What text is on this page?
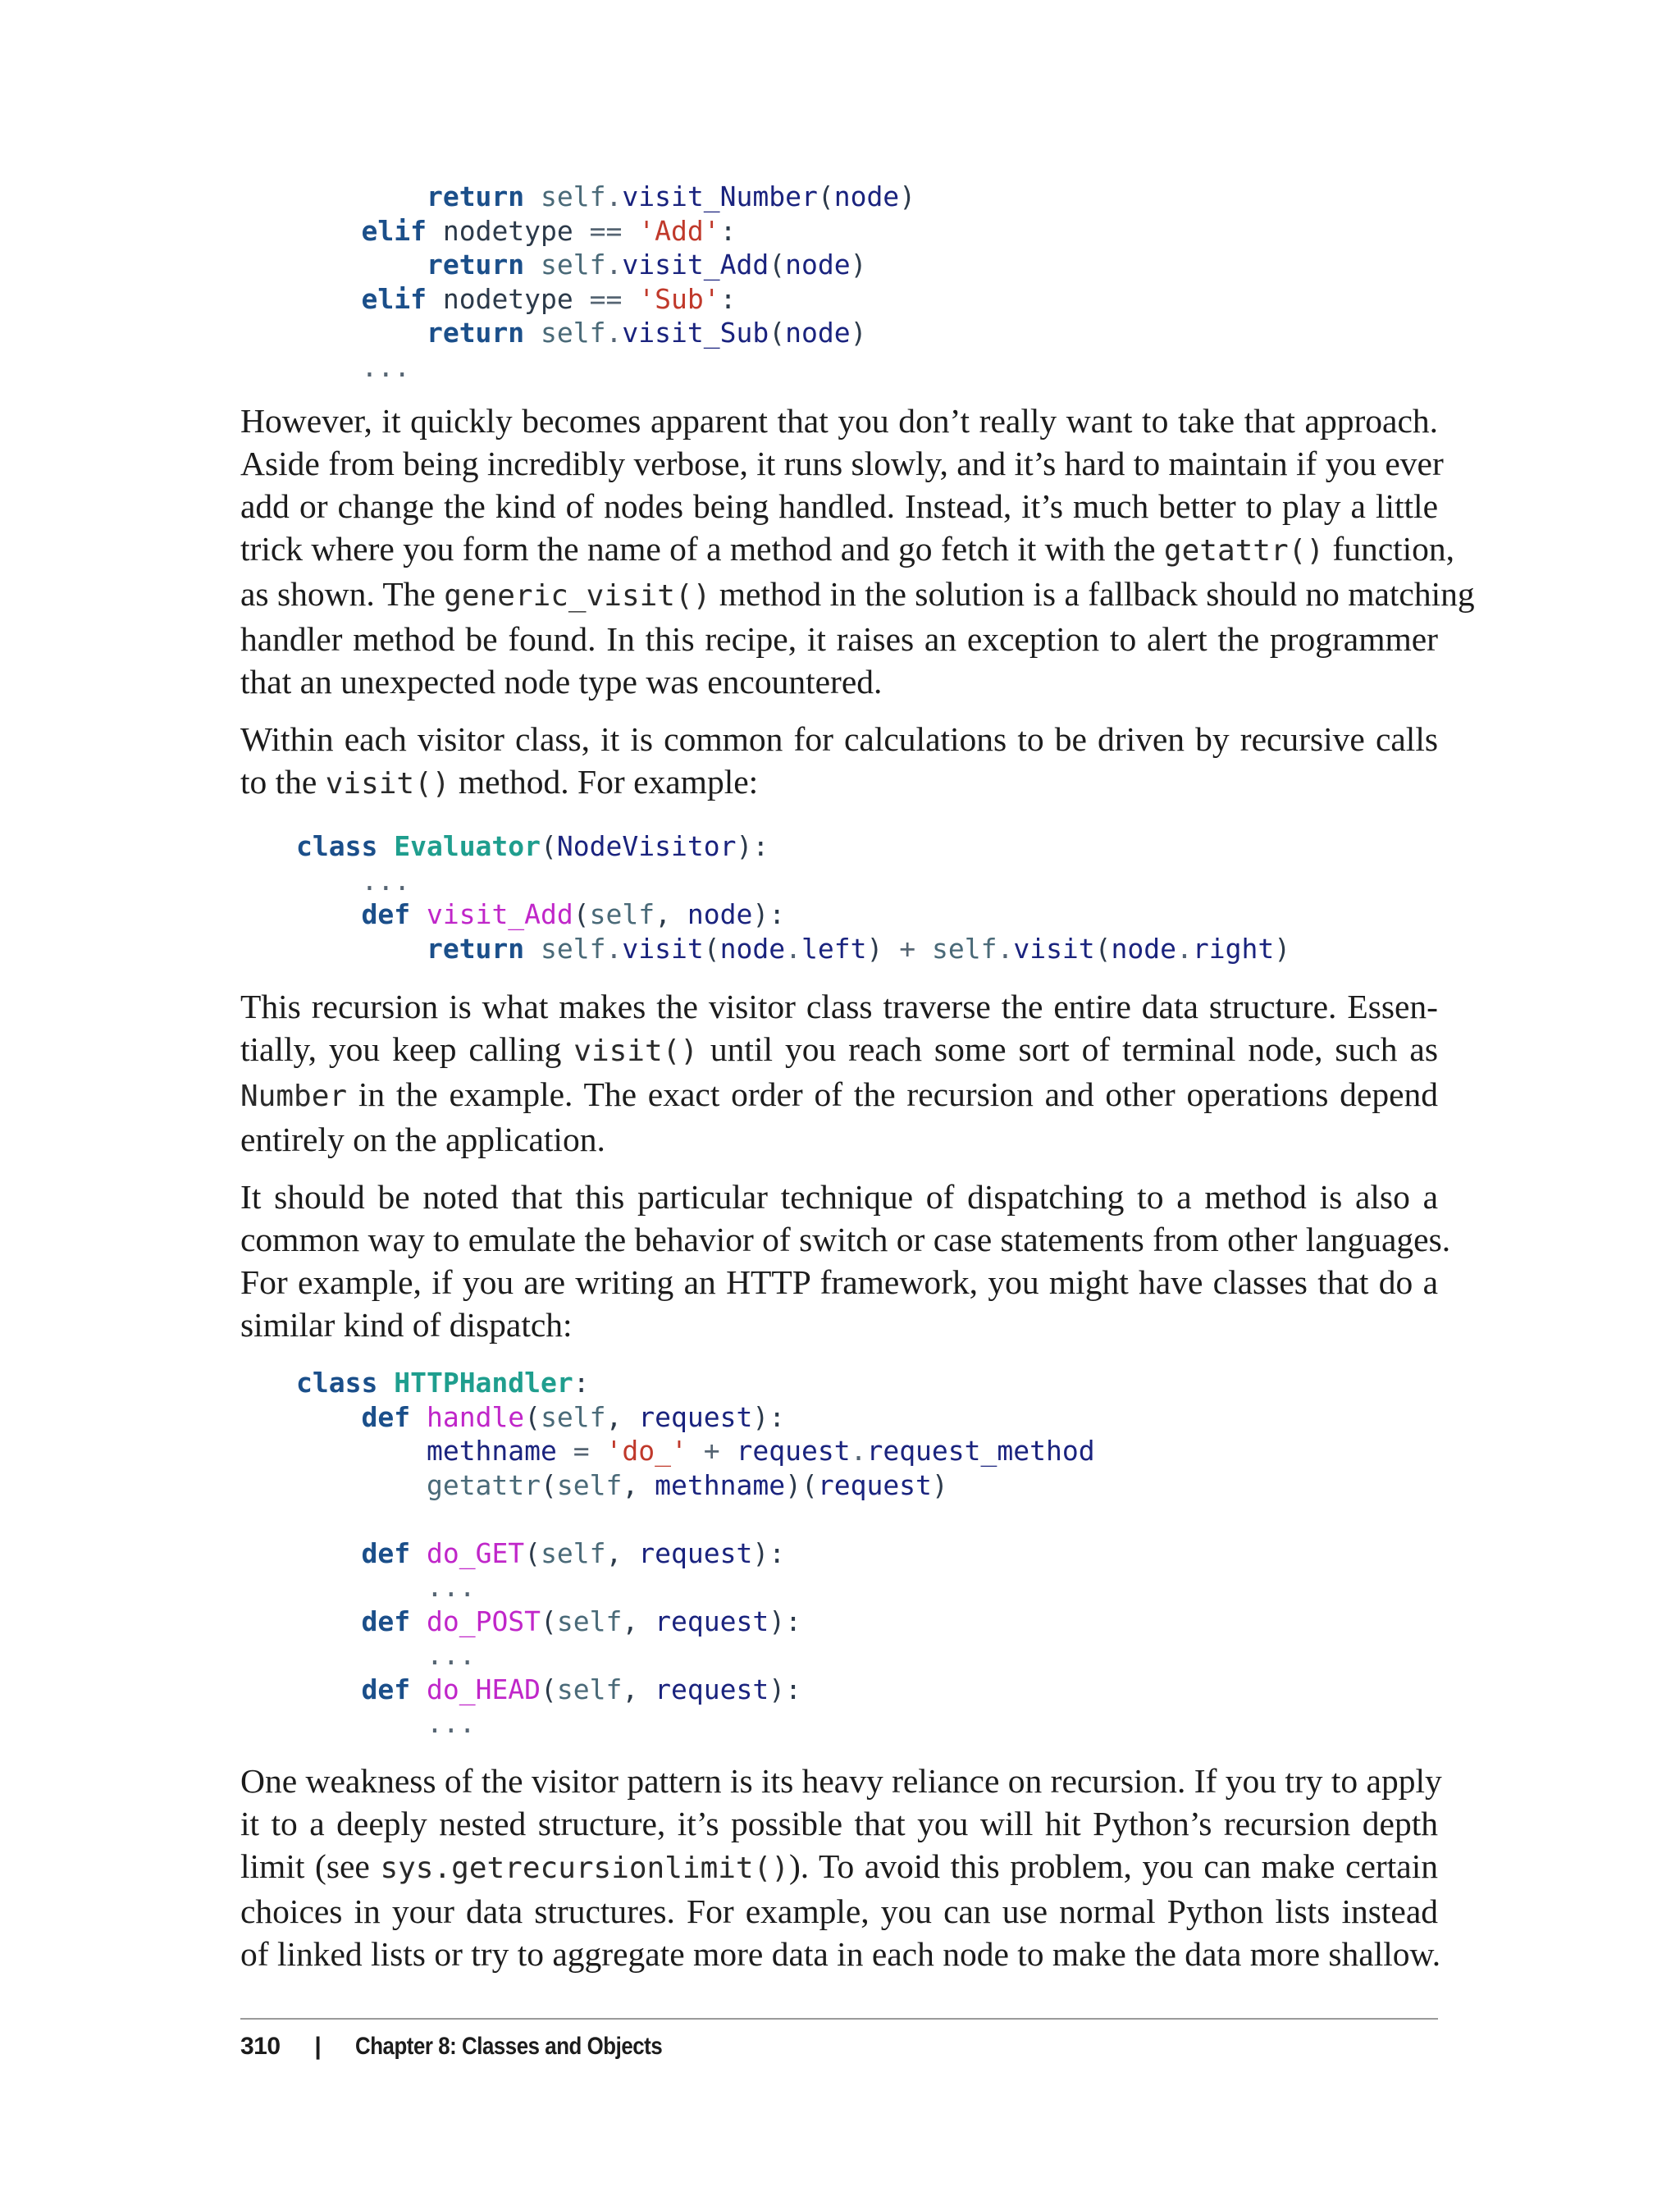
return self.visit_Number(node)
elif nodetype == 'Add':
return self.visit_Add(node)
elif nodetype == 'Sub':
return self.visit_Sub(node)
...
However, it quickly becomes apparent that you don’t really want to take that approach.
Aside from being incredibly verbose, it runs slowly, and it’s hard to maintain if you ever
add or change the kind of nodes being handled. Instead, it’s much better to play a little
trick where you form the name of a method and go fetch it with the getattr() function,
as shown. The generic_visit() method in the solution is a fallback should no matching
handler method be found. In this recipe, it raises an exception to alert the programmer
that an unexpected node type was encountered.
Within each visitor class, it is common for calculations to be driven by recursive calls
to the visit() method. For example:
class Evaluator(NodeVisitor):
...
def visit_Add(self, node):
return self.visit(node.left) + self.visit(node.right)
This recursion is what makes the visitor class traverse the entire data structure. Essen-
tially, you keep calling visit() until you reach some sort of terminal node, such as
Number in the example. The exact order of the recursion and other operations depend
entirely on the application.
It should be noted that this particular technique of dispatching to a method is also a
common way to emulate the behavior of switch or case statements from other languages.
For example, if you are writing an HTTP framework, you might have classes that do a
similar kind of dispatch:
class HTTPHandler:
def handle(self, request):
methname = 'do_' + request.request_method
getattr(self, methname)(request)

def do_GET(self, request):
...
def do_POST(self, request):
...
def do_HEAD(self, request):
...
One weakness of the visitor pattern is its heavy reliance on recursion. If you try to apply
it to a deeply nested structure, it’s possible that you will hit Python’s recursion depth
limit (see sys.getrecursionlimit()). To avoid this problem, you can make certain
choices in your data structures. For example, you can use normal Python lists instead
of linked lists or try to aggregate more data in each node to make the data more shallow.
310 | Chapter 8: Classes and Objects
